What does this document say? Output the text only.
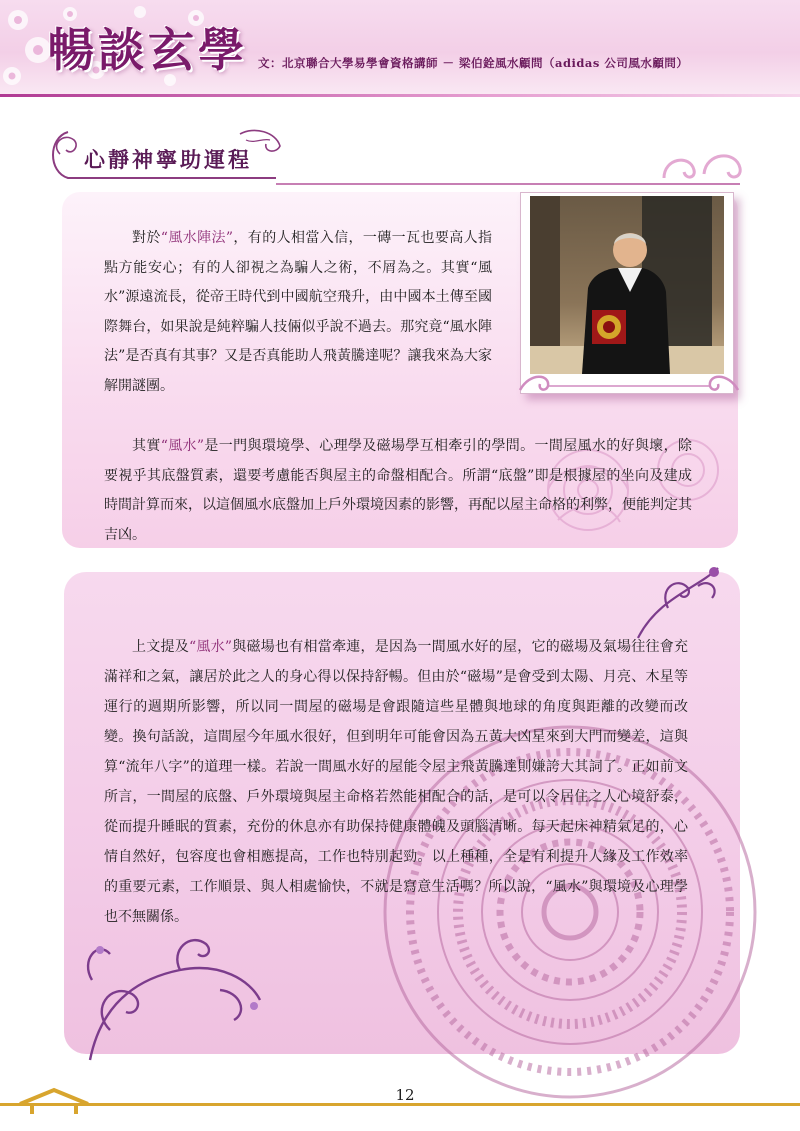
暢談玄學 文：北京聯合大學易學會資格講師 － 梁伯銓風水顧問（adidas 公司風水顧問）
心靜神寧助運程

對於“風水陣法”，有的人相當入信，一磚一瓦也要高人指點方能安心；有的人卻視之為騙人之術，不屑為之。其實“風水”源遠流長，從帝王時代到中國航空飛升，由中國本土傳至國際舞台，如果說是純粹騙人技倆似乎說不過去。那究竟“風水陣法”是否真有其事？又是否真能助人飛黃騰達呢？讓我來為大家解開謎團。

其實“風水”是一門與環境學、心理學及磁場學互相牽引的學問。一間屋風水的好與壞，除要視乎其底盤質素，還要考慮能否與屋主的命盤相配合。所謂“底盤”即是根據屋的坐向及建成時間計算而來，以這個風水底盤加上戶外環境因素的影響，再配以屋主命格的利弊，便能判定其吉凶。

上文提及“風水”與磁場也有相當牽連，是因為一間風水好的屋，它的磁場及氣場往往會充滿祥和之氣，讓居於此之人的身心得以保持舒暢。但由於“磁場”是會受到太陽、月亮、木星等運行的週期所影響，所以同一間屋的磁場是會跟隨這些星體與地球的角度與距離的改變而改變。換句話說，這間屋今年風水很好，但到明年可能會因為五黃大凶星來到大門而變差，這與算“流年八字”的道理一樣。若說一間風水好的屋能令屋主飛黃騰達則嫌誇大其詞了。正如前文所言，一間屋的底盤、戶外環境與屋主命格若然能相配合的話，是可以令居住之人心境舒泰，從而提升睡眠的質素，充份的休息亦有助保持健康體魄及頭腦清晰。每天起床神精氣足的，心情自然好，包容度也會相應提高，工作也特別起勁。以上種種，全是有利提升人緣及工作效率的重要元素，工作順景、與人相處愉快，不就是寫意生活嗎？所以說，“風水”與環境及心理學也不無關係。

12
